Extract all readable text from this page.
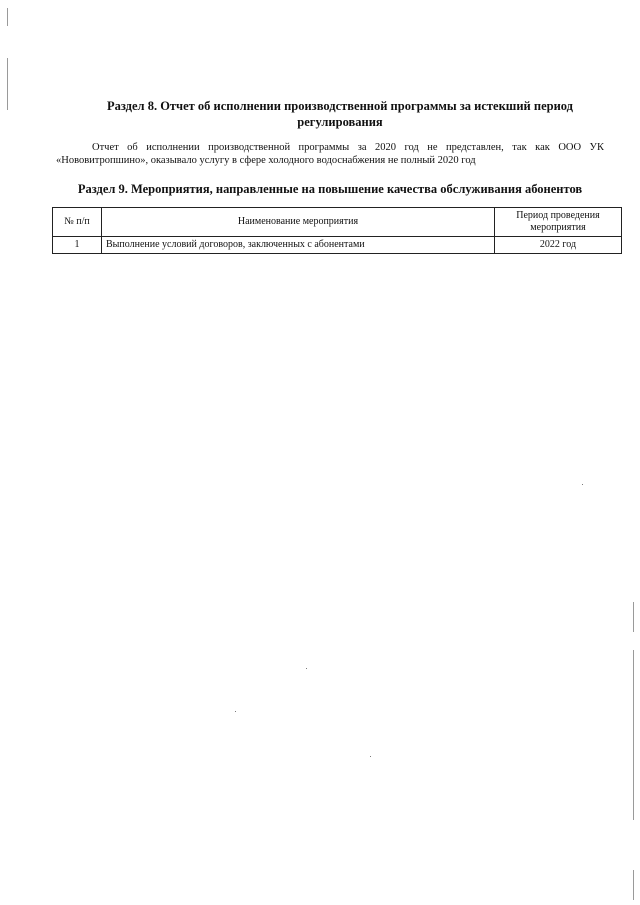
Раздел 8. Отчет об исполнении производственной программы за истекший период
регулирования
Отчет об исполнении производственной программы за 2020 год не представлен, так как ООО УК «Нововитропшино», оказывало услугу в сфере холодного водоснабжения не полный 2020 год
Раздел 9. Мероприятия, направленные на повышение качества обслуживания абонентов
№ п/п	Наименование мероприятия	Период проведения мероприятия
1	Выполнение условий договоров, заключенных с абонентами	2022 год
